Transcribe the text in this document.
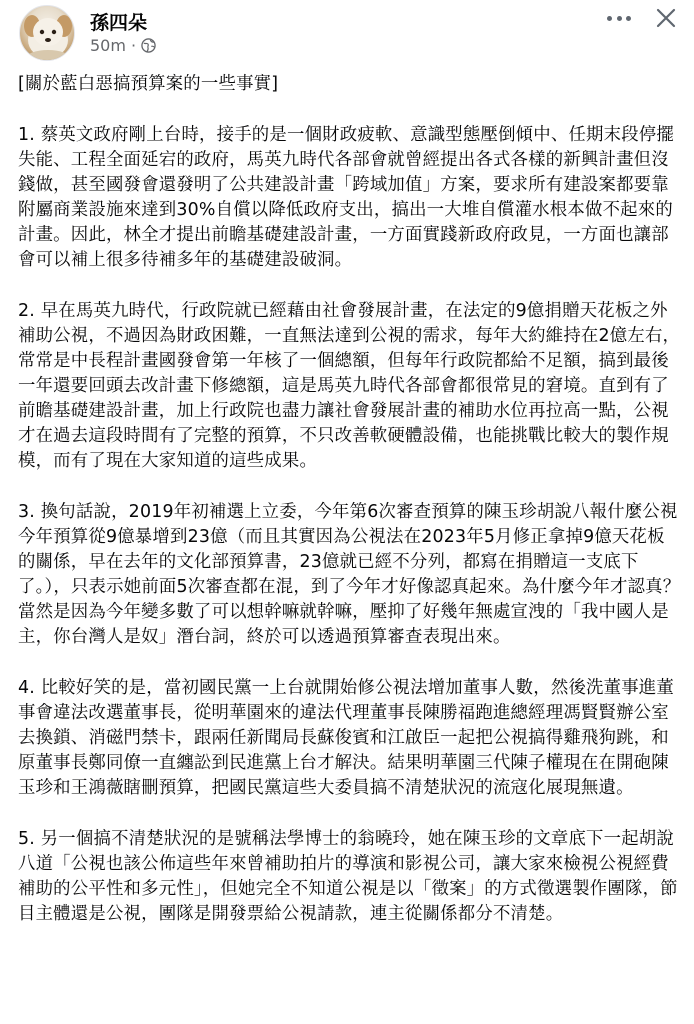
孫四朵
50m ·

[關於藍白惡搞預算案的一些事實]

1. 蔡英文政府剛上台時，接手的是一個財政疲軟、意識型態壓倒傾中、任期末段停擺失能、工程全面延宕的政府，馬英九時代各部會就曾經提出各式各樣的新興計畫但沒錢做，甚至國發會還發明了公共建設計畫「跨域加值」方案，要求所有建設案都要靠附屬商業設施來達到30%自償以降低政府支出，搞出一大堆自償灌水根本做不起來的計畫。因此，林全才提出前瞻基礎建設計畫，一方面實踐新政府政見，一方面也讓部會可以補上很多待補多年的基礎建設破洞。

2. 早在馬英九時代，行政院就已經藉由社會發展計畫，在法定的9億捐贈天花板之外補助公視，不過因為財政困難，一直無法達到公視的需求，每年大約維持在2億左右，常常是中長程計畫國發會第一年核了一個總額，但每年行政院都給不足額，搞到最後一年還要回頭去改計畫下修總額，這是馬英九時代各部會都很常見的窘境。直到有了前瞻基礎建設計畫，加上行政院也盡力讓社會發展計畫的補助水位再拉高一點，公視才在過去這段時間有了完整的預算，不只改善軟硬體設備，也能挑戰比較大的製作規模，而有了現在大家知道的這些成果。

3. 換句話說，2019年初補選上立委，今年第6次審查預算的陳玉珍胡說八報什麼公視今年預算從9億暴增到23億（而且其實因為公視法在2023年5月修正拿掉9億天花板的關係，早在去年的文化部預算書，23億就已經不分列，都寫在捐贈這一支底下了。），只表示她前面5次審查都在混，到了今年才好像認真起來。為什麼今年才認真？當然是因為今年變多數了可以想幹嘛就幹嘛，壓抑了好幾年無處宣洩的「我中國人是主，你台灣人是奴」潛台詞，終於可以透過預算審查表現出來。

4. 比較好笑的是，當初國民黨一上台就開始修公視法增加董事人數，然後洗董事進董事會違法改選董事長，從明華園來的違法代理董事長陳勝福跑進總經理馮賢賢辦公室去換鎖、消磁門禁卡，跟兩任新聞局長蘇俊賓和江啟臣一起把公視搞得雞飛狗跳，和原董事長鄭同僚一直纏訟到民進黨上台才解決。結果明華園三代陳子權現在在開砲陳玉珍和王鴻薇瞎刪預算，把國民黨這些大委員搞不清楚狀況的流寇化展現無遺。

5. 另一個搞不清楚狀況的是號稱法學博士的翁曉玲，她在陳玉珍的文章底下一起胡說八道「公視也該公佈這些年來曾補助拍片的導演和影視公司，讓大家來檢視公視經費補助的公平性和多元性」，但她完全不知道公視是以「徵案」的方式徵選製作團隊，節目主體還是公視，團隊是開發票給公視請款，連主從關係都分不清楚。
